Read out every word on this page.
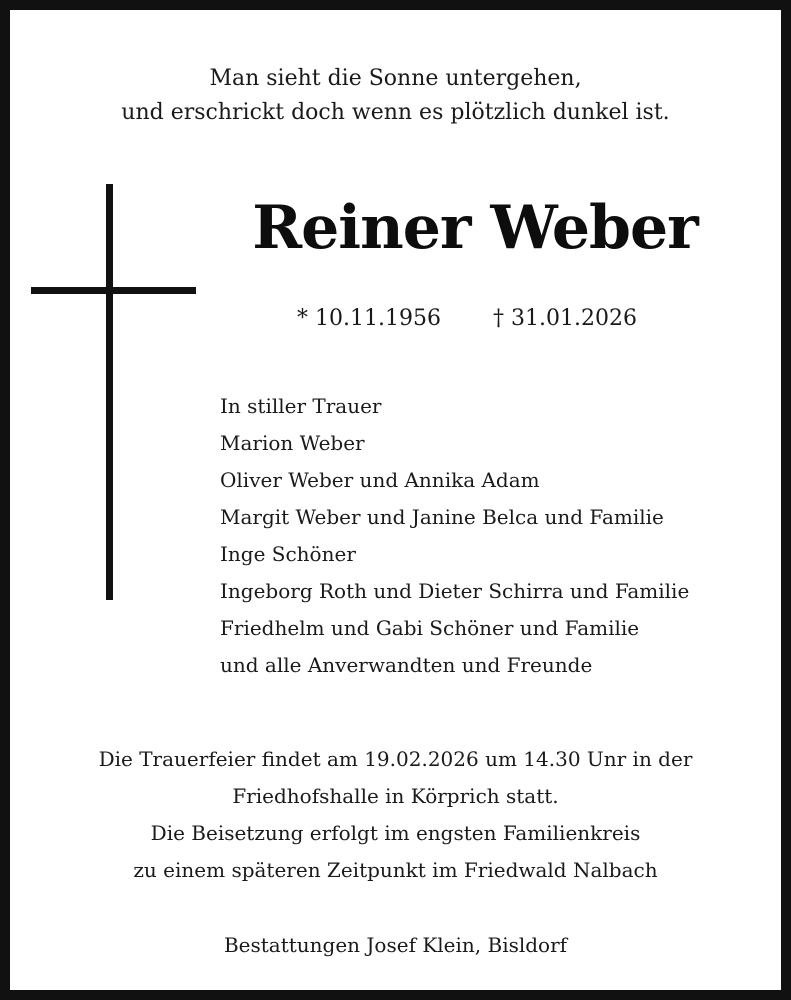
Man sieht die Sonne untergehen,
und erschrickt doch wenn es plötzlich dunkel ist.
Reiner Weber
* 10.11.1956 † 31.01.2026
In stiller Trauer
Marion Weber
Oliver Weber und Annika Adam
Margit Weber und Janine Belca und Familie
Inge Schöner
Ingeborg Roth und Dieter Schirra und Familie
Friedhelm und Gabi Schöner und Familie
und alle Anverwandten und Freunde
Die Trauerfeier findet am 19.02.2026 um 14.30 Unr in der
Friedhofshalle in Körprich statt.
Die Beisetzung erfolgt im engsten Familienkreis
zu einem späteren Zeitpunkt im Friedwald Nalbach
Bestattungen Josef Klein, Bisldorf
